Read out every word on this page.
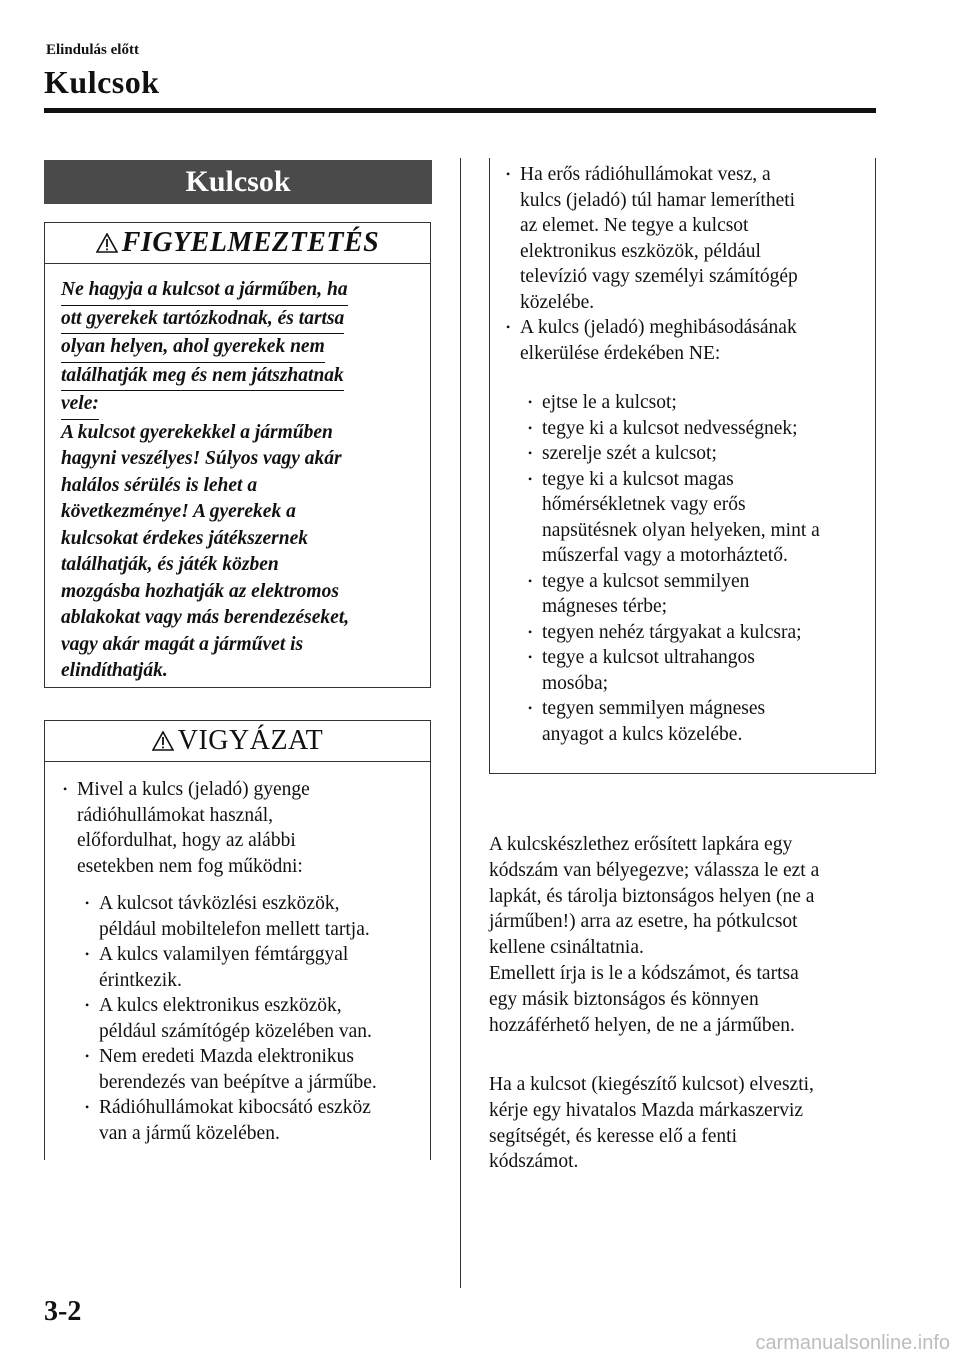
Elindulás előtt
Kulcsok
Kulcsok
FIGYELMEZTETÉS
Ne hagyja a kulcsot a járműben, ha
ott gyerekek tartózkodnak, és tartsa
olyan helyen, ahol gyerekek nem
találhatják meg és nem játszhatnak
vele:
A kulcsot gyerekekkel a járműben
hagyni veszélyes! Súlyos vagy akár
halálos sérülés is lehet a
következménye! A gyerekek a
kulcsokat érdekes játékszernek
találhatják, és játék közben
mozgásba hozhatják az elektromos
ablakokat vagy más berendezéseket,
vagy akár magát a járművet is
elindíthatják.
VIGYÁZAT
• Mivel a kulcs (jeladó) gyenge
rádióhullámokat használ,
előfordulhat, hogy az alábbi
esetekben nem fog működni:
• A kulcsot távközlési eszközök,
például mobiltelefon mellett tartja.
• A kulcs valamilyen fémtárggyal
érintkezik.
• A kulcs elektronikus eszközök,
például számítógép közelében van.
• Nem eredeti Mazda elektronikus
berendezés van beépítve a járműbe.
• Rádióhullámokat kibocsátó eszköz
van a jármű közelében.
• Ha erős rádióhullámokat vesz, a
kulcs (jeladó) túl hamar lemerítheti
az elemet. Ne tegye a kulcsot
elektronikus eszközök, például
televízió vagy személyi számítógép
közelébe.
• A kulcs (jeladó) meghibásodásának
elkerülése érdekében NE:
• ejtse le a kulcsot;
• tegye ki a kulcsot nedvességnek;
• szerelje szét a kulcsot;
• tegye ki a kulcsot magas
hőmérsékletnek vagy erős
napsütésnek olyan helyeken, mint a
műszerfal vagy a motorháztető.
• tegye a kulcsot semmilyen
mágneses térbe;
• tegyen nehéz tárgyakat a kulcsra;
• tegye a kulcsot ultrahangos
mosóba;
• tegyen semmilyen mágneses
anyagot a kulcs közelébe.
A kulcskészlethez erősített lapkára egy
kódszám van bélyegezve; válassza le ezt a
lapkát, és tárolja biztonságos helyen (ne a
járműben!) arra az esetre, ha pótkulcsot
kellene csináltatnia.
Emellett írja is le a kódszámot, és tartsa
egy másik biztonságos és könnyen
hozzáférhető helyen, de ne a járműben.
Ha a kulcsot (kiegészítő kulcsot) elveszti,
kérje egy hivatalos Mazda márkaszerviz
segítségét, és keresse elő a fenti
kódszámot.
3-2
carmanualsonline.info
